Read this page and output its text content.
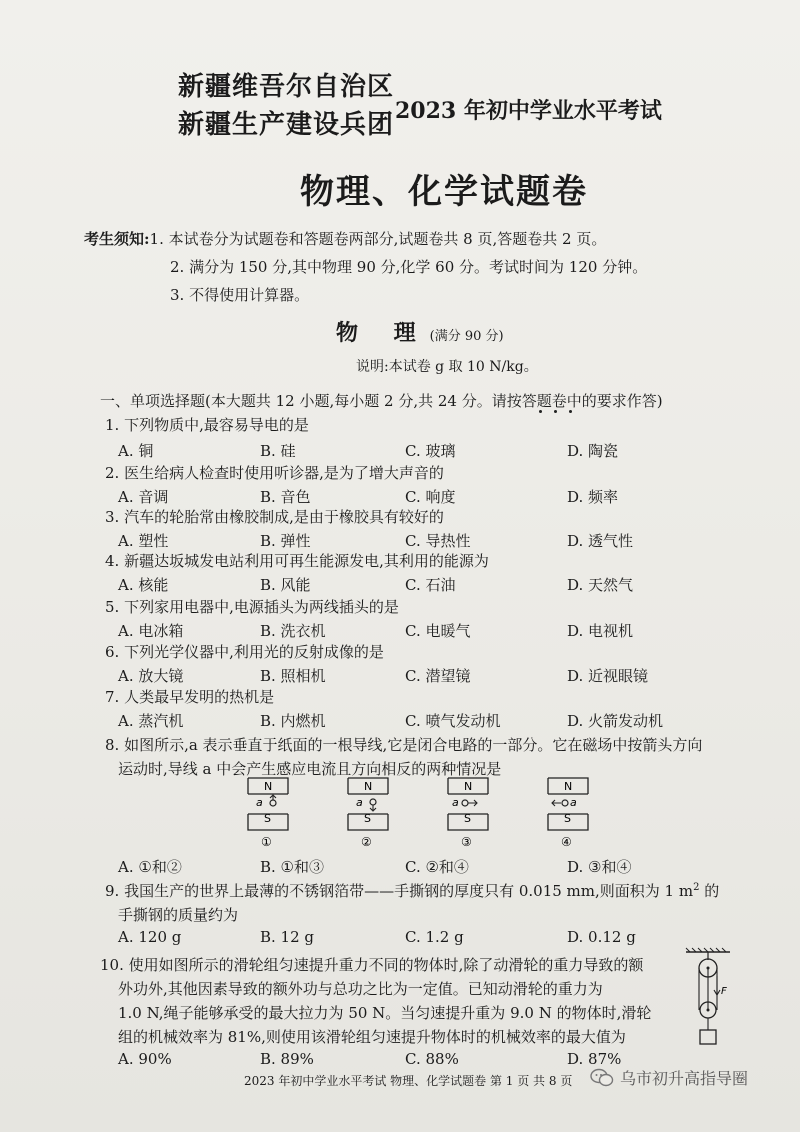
新疆维吾尔自治区
新疆生产建设兵团 2023 年初中学业水平考试
物理、化学试题卷
考生须知:1. 本试卷分为试题卷和答题卷两部分,试题卷共 8 页,答题卷共 2 页。
2. 满分为 150 分,其中物理 90 分,化学 60 分。考试时间为 120 分钟。
3. 不得使用计算器。
物 理(满分 90 分)
说明:本试卷 g 取 10 N/kg。
一、单项选择题(本大题共 12 小题,每小题 2 分,共 24 分。请按答题卷中的要求作答)
1. 下列物质中,最容易导电的是
A. 铜	B. 硅	C. 玻璃	D. 陶瓷
2. 医生给病人检查时使用听诊器,是为了增大声音的
A. 音调	B. 音色	C. 响度	D. 频率
3. 汽车的轮胎常由橡胶制成,是由于橡胶具有较好的
A. 塑性	B. 弹性	C. 导热性	D. 透气性
4. 新疆达坂城发电站利用可再生能源发电,其利用的能源为
A. 核能	B. 风能	C. 石油	D. 天然气
5. 下列家用电器中,电源插头为两线插头的是
A. 电冰箱	B. 洗衣机	C. 电暖气	D. 电视机
6. 下列光学仪器中,利用光的反射成像的是
A. 放大镜	B. 照相机	C. 潜望镜	D. 近视眼镜
7. 人类最早发明的热机是
A. 蒸汽机	B. 内燃机	C. 喷气发动机	D. 火箭发动机
8. 如图所示,a 表示垂直于纸面的一根导线,它是闭合电路的一部分。它在磁场中按箭头方向
运动时,导线 a 中会产生感应电流且方向相反的两种情况是
N
S
a
①
N
S
a
②
N
S
a
③
N
S
a
④
A. ①和②	B. ①和③	C. ②和④	D. ③和④
9. 我国生产的世界上最薄的不锈钢箔带——手撕钢的厚度只有 0.015 mm,则面积为 1 $m^2$ 的
手撕钢的质量约为
A. 120 g	B. 12 g	C. 1.2 g	D. 0.12 g
10. 使用如图所示的滑轮组匀速提升重力不同的物体时,除了动滑轮的重力导致的额
外功外,其他因素导致的额外功与总功之比为一定值。已知动滑轮的重力为
1.0 N,绳子能够承受的最大拉力为 50 N。当匀速提升重为 9.0 N 的物体时,滑轮
组的机械效率为 81%,则使用该滑轮组匀速提升物体时的机械效率的最大值为
A. 90%	B. 89%	C. 88%	D. 87%
F
2023 年初中学业水平考试 物理、化学试题卷 第 1 页 共 8 页	乌市初升高指导圈
